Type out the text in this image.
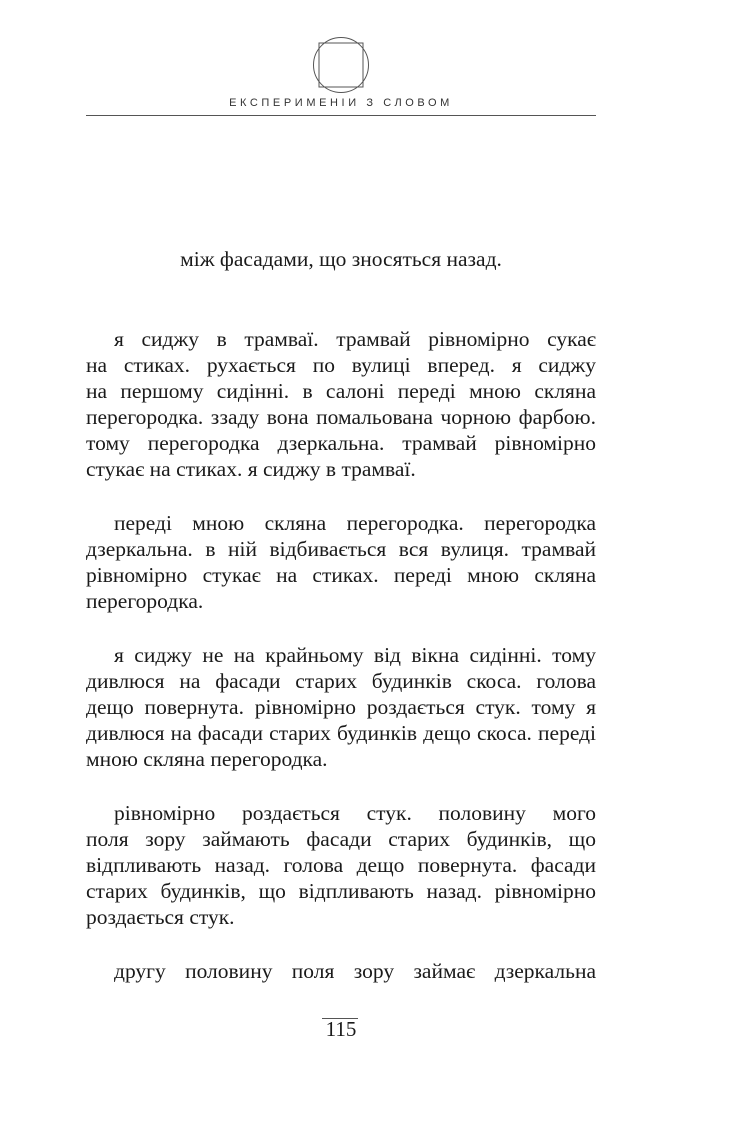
ЕКСПЕРИМЕНІИ З СЛОВОМ
між фасадами, що зносяться назад.
я сиджу в трамваї. трамвай рівномірно сукає
на стиках. рухається по вулиці вперед. я сиджу
на першому сидінні. в салоні переді мною скляна
перегородка. ззаду вона помальована чорною фарбою.
тому перегородка дзеркальна. трамвай рівномірно
стукає на стиках. я сиджу в трамваї.
переді мною скляна перегородка. перегородка
дзеркальна. в ній відбивається вся вулиця. трамвай
рівномірно стукає на стиках. переді мною скляна
перегородка.
я сиджу не на крайньому від вікна сидінні. тому
дивлюся на фасади старих будинків скоса. голова
дещо повернута. рівномірно роздається стук. тому я
дивлюся на фасади старих будинків дещо скоса. переді
мною скляна перегородка.
рівномірно роздається стук. половину мого
поля зору займають фасади старих будинків, що
відпливають назад. голова дещо повернута. фасади
старих будинків, що відпливають назад. рівномірно
роздається стук.
другу половину поля зору займає дзеркальна
115
